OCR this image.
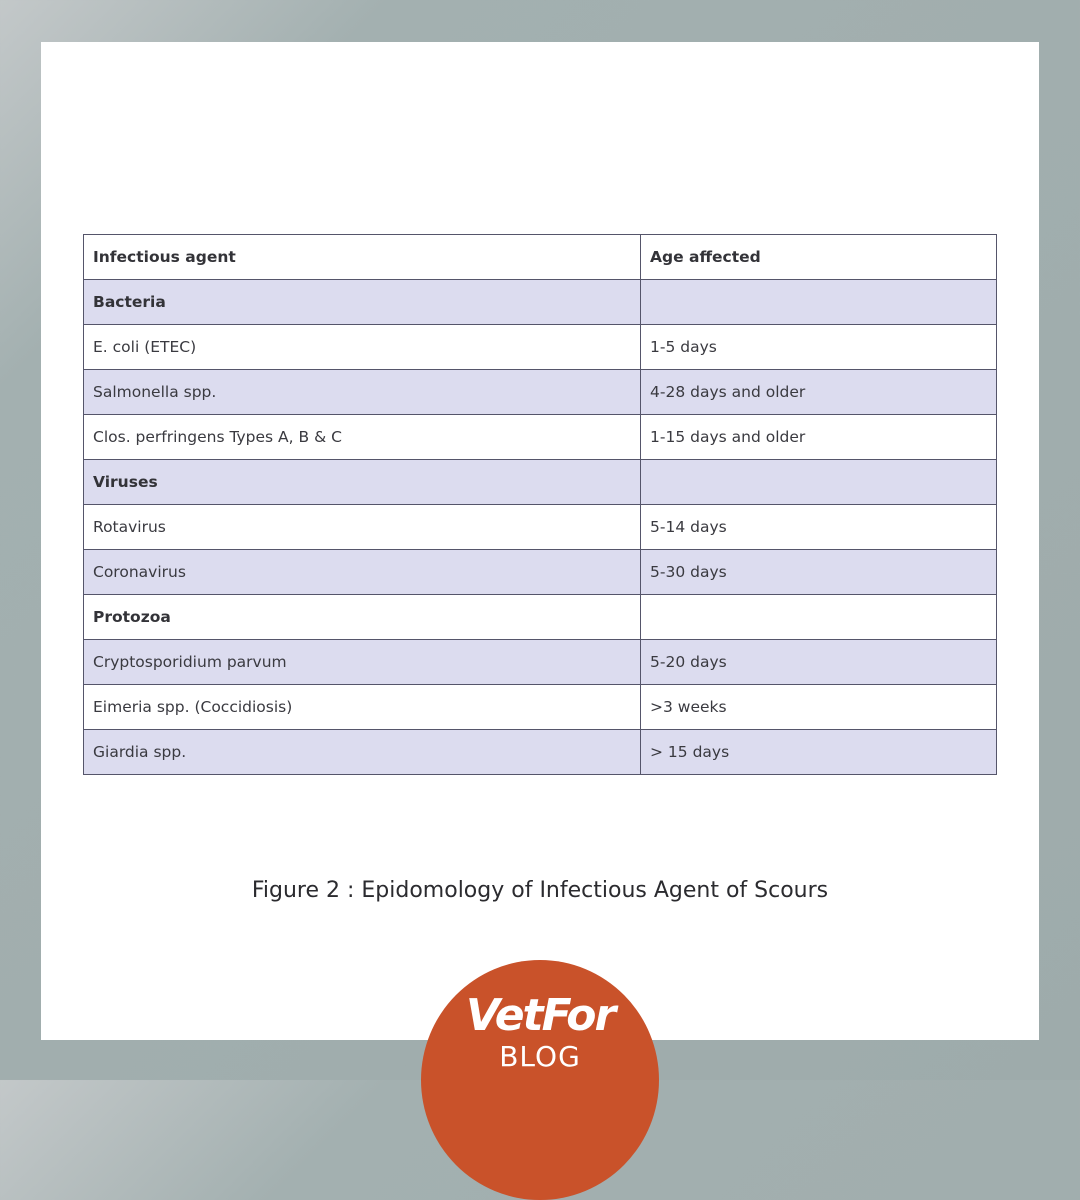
Infectious agent	Age affected
Bacteria	
E. coli (ETEC)	1-5 days
Salmonella spp.	4-28 days and older
Clos. perfringens Types A, B & C	1-15 days and older
Viruses	
Rotavirus	5-14 days
Coronavirus	5-30 days
Protozoa	
Cryptosporidium parvum	5-20 days
Eimeria spp. (Coccidiosis)	>3 weeks
Giardia spp.	> 15 days
Figure 2 : Epidomology of Infectious Agent of Scours
VetFor
BLOG
